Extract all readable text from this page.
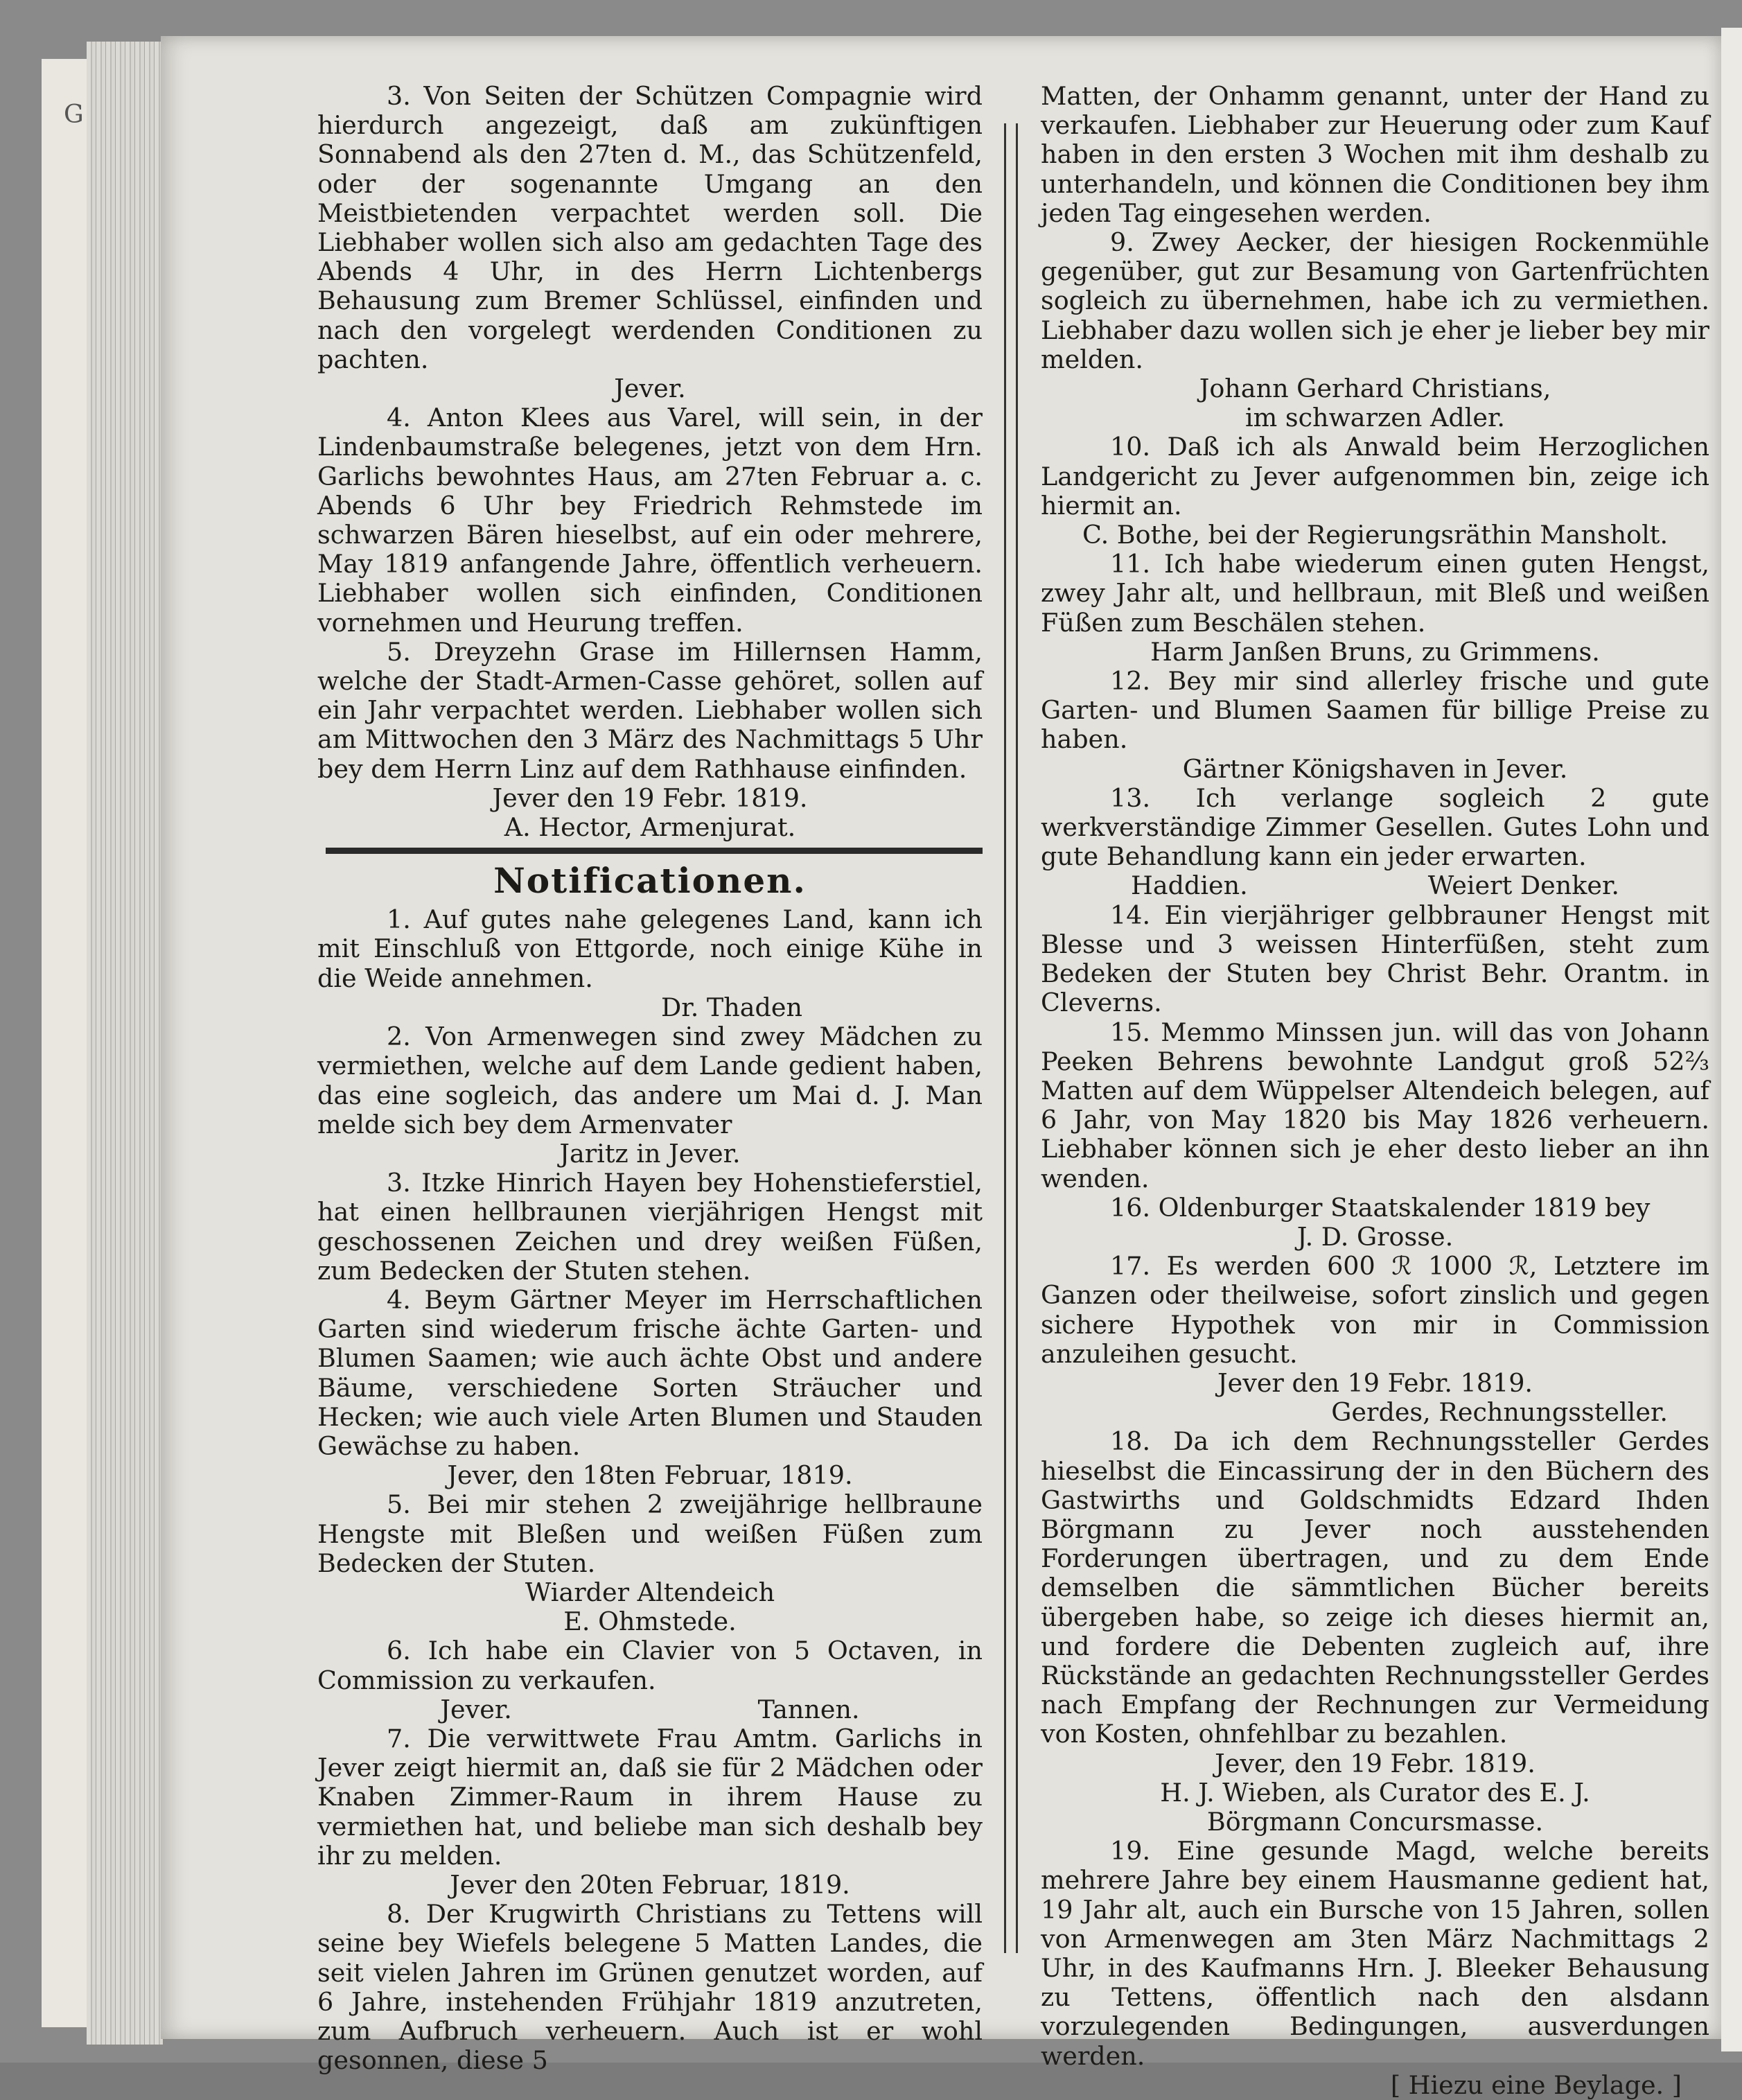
G

3. Von Seiten der Schützen Compagnie wird hierdurch angezeigt, daß am zukünftigen Sonnabend als den 27ten d. M., das Schützenfeld, oder der sogenannte Umgang an den Meistbietenden verpachtet werden soll. Die Liebhaber wollen sich also am gedachten Tage des Abends 4 Uhr, in des Herrn Lichtenbergs Behausung zum Bremer Schlüssel, einfinden und nach den vorgelegt werdenden Conditionen zu pachten.

Jever.

4. Anton Klees aus Varel, will sein, in der Lindenbaumstraße belegenes, jetzt von dem Hrn. Garlichs bewohntes Haus, am 27ten Februar a. c. Abends 6 Uhr bey Friedrich Rehmstede im schwarzen Bären hieselbst, auf ein oder mehrere, May 1819 anfangende Jahre, öffentlich verheuern. Liebhaber wollen sich einfinden, Conditionen vornehmen und Heurung treffen.

5. Dreyzehn Grase im Hillernsen Hamm, welche der Stadt-Armen-Casse gehöret, sollen auf ein Jahr verpachtet werden. Liebhaber wollen sich am Mittwochen den 3 März des Nachmittags 5 Uhr bey dem Herrn Linz auf dem Rathhause einfinden.

Jever den 19 Febr. 1819.

A. Hector, Armenjurat.

Notificationen.

1. Auf gutes nahe gelegenes Land, kann ich mit Einschluß von Ettgorde, noch einige Kühe in die Weide annehmen.

Dr. Thaden

2. Von Armenwegen sind zwey Mädchen zu vermiethen, welche auf dem Lande gedient haben, das eine sogleich, das andere um Mai d. J. Man melde sich bey dem Armenvater

Jaritz in Jever.

3. Itzke Hinrich Hayen bey Hohenstieferstiel, hat einen hellbraunen vierjährigen Hengst mit geschossenen Zeichen und drey weißen Füßen, zum Bedecken der Stuten stehen.

4. Beym Gärtner Meyer im Herrschaftlichen Garten sind wiederum frische ächte Garten- und Blumen Saamen; wie auch ächte Obst und andere Bäume, verschiedene Sorten Sträucher und Hecken; wie auch viele Arten Blumen und Stauden Gewächse zu haben.

Jever, den 18ten Februar, 1819.

5. Bei mir stehen 2 zweijährige hellbraune Hengste mit Bleßen und weißen Füßen zum Bedecken der Stuten.

Wiarder Altendeich

E. Ohmstede.

6. Ich habe ein Clavier von 5 Octaven, in Commission zu verkaufen.

Jever.	Tannen.

7. Die verwittwete Frau Amtm. Garlichs in Jever zeigt hiermit an, daß sie für 2 Mädchen oder Knaben Zimmer-Raum in ihrem Hause zu vermiethen hat, und beliebe man sich deshalb bey ihr zu melden.

Jever den 20ten Februar, 1819.

8. Der Krugwirth Christians zu Tettens will seine bey Wiefels belegene 5 Matten Landes, die seit vielen Jahren im Grünen genutzet worden, auf 6 Jahre, instehenden Frühjahr 1819 anzutreten, zum Aufbruch verheuern. Auch ist er wohl gesonnen, diese 5

Matten, der Onhamm genannt, unter der Hand zu verkaufen. Liebhaber zur Heuerung oder zum Kauf haben in den ersten 3 Wochen mit ihm deshalb zu unterhandeln, und können die Conditionen bey ihm jeden Tag eingesehen werden.

9. Zwey Aecker, der hiesigen Rockenmühle gegenüber, gut zur Besamung von Gartenfrüchten sogleich zu übernehmen, habe ich zu vermiethen. Liebhaber dazu wollen sich je eher je lieber bey mir melden.

Johann Gerhard Christians,

im schwarzen Adler.

10. Daß ich als Anwald beim Herzoglichen Landgericht zu Jever aufgenommen bin, zeige ich hiermit an.

C. Bothe, bei der Regierungsräthin Mansholt.

11. Ich habe wiederum einen guten Hengst, zwey Jahr alt, und hellbraun, mit Bleß und weißen Füßen zum Beschälen stehen.

Harm Janßen Bruns, zu Grimmens.

12. Bey mir sind allerley frische und gute Garten- und Blumen Saamen für billige Preise zu haben.

Gärtner Königshaven in Jever.

13. Ich verlange sogleich 2 gute werkverständige Zimmer Gesellen. Gutes Lohn und gute Behandlung kann ein jeder erwarten.

Haddien.	Weiert Denker.

14. Ein vierjähriger gelbbrauner Hengst mit Blesse und 3 weissen Hinterfüßen, steht zum Bedeken der Stuten bey Christ Behr. Orantm. in Cleverns.

15. Memmo Minssen jun. will das von Johann Peeken Behrens bewohnte Landgut groß 52⅔ Matten auf dem Wüppelser Altendeich belegen, auf 6 Jahr, von May 1820 bis May 1826 verheuern. Liebhaber können sich je eher desto lieber an ihn wenden.

16. Oldenburger Staatskalender 1819 bey

J. D. Grosse.

17. Es werden 600 ℛ 1000 ℛ, Letztere im Ganzen oder theilweise, sofort zinslich und gegen sichere Hypothek von mir in Commission anzuleihen gesucht.

Jever den 19 Febr. 1819.

Gerdes, Rechnungssteller.

18. Da ich dem Rechnungssteller Gerdes hieselbst die Eincassirung der in den Büchern des Gastwirths und Goldschmidts Edzard Ihden Börgmann zu Jever noch ausstehenden Forderungen übertragen, und zu dem Ende demselben die sämmtlichen Bücher bereits übergeben habe, so zeige ich dieses hiermit an, und fordere die Debenten zugleich auf, ihre Rückstände an gedachten Rechnungssteller Gerdes nach Empfang der Rechnungen zur Vermeidung von Kosten, ohnfehlbar zu bezahlen.

Jever, den 19 Febr. 1819.

H. J. Wieben, als Curator des E. J.

Börgmann Concursmasse.

19. Eine gesunde Magd, welche bereits mehrere Jahre bey einem Hausmanne gedient hat, 19 Jahr alt, auch ein Bursche von 15 Jahren, sollen von Armenwegen am 3ten März Nachmittags 2 Uhr, in des Kaufmanns Hrn. J. Bleeker Behausung zu Tettens, öffentlich nach den alsdann vorzulegenden Bedingungen, ausverdungen werden.

[ Hiezu eine Beylage. ]
